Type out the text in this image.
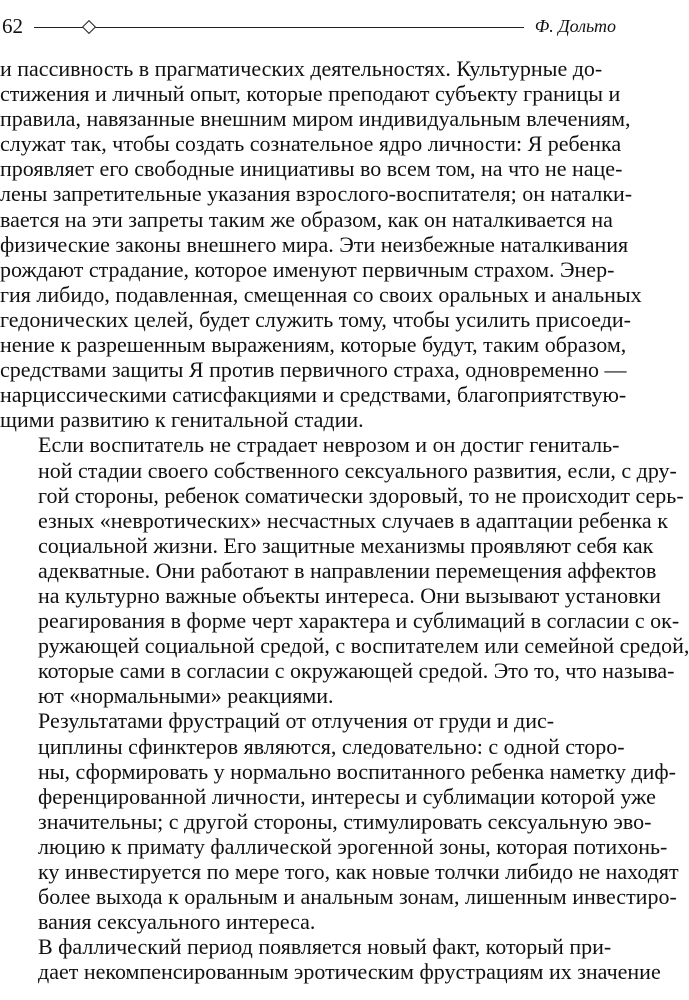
62	Ф. Дольто

и пассивность в прагматических деятельностях. Культурные до-
стижения и личный опыт, которые преподают субъекту границы и
правила, навязанные внешним миром индивидуальным влечениям,
служат так, чтобы создать сознательное ядро личности: Я ребенка
проявляет его свободные инициативы во всем том, на что не наце-
лены запретительные указания взрослого-воспитателя; он наталки-
вается на эти запреты таким же образом, как он наталкивается на
физические законы внешнего мира. Эти неизбежные наталкивания
рождают страдание, которое именуют первичным страхом. Энер-
гия либидо, подавленная, смещенная со своих оральных и анальных
гедонических целей, будет служить тому, чтобы усилить присоеди-
нение к разрешенным выражениям, которые будут, таким образом,
средствами защиты Я против первичного страха, одновременно —
нарциссическими сатисфакциями и средствами, благоприятствую-
щими развитию к генитальной стадии.

Если воспитатель не страдает неврозом и он достиг гениталь-
ной стадии своего собственного сексуального развития, если, с дру-
гой стороны, ребенок соматически здоровый, то не происходит серь-
езных «невротических» несчастных случаев в адаптации ребенка к
социальной жизни. Его защитные механизмы проявляют себя как
адекватные. Они работают в направлении перемещения аффектов
на культурно важные объекты интереса. Они вызывают установки
реагирования в форме черт характера и сублимаций в согласии с ок-
ружающей социальной средой, с воспитателем или семейной средой,
которые сами в согласии с окружающей средой. Это то, что называ-
ют «нормальными» реакциями.

Результатами фрустраций от отлучения от груди и дис-
циплины сфинктеров являются, следовательно: с одной сторо-
ны, сформировать у нормально воспитанного ребенка наметку диф-
ференцированной личности, интересы и сублимации которой уже
значительны; с другой стороны, стимулировать сексуальную эво-
люцию к примату фаллической эрогенной зоны, которая потихонь-
ку инвестируется по мере того, как новые толчки либидо не находят
более выхода к оральным и анальным зонам, лишенным инвестиро-
вания сексуального интереса.

В фаллический период появляется новый факт, который при-
дает некомпенсированным эротическим фрустрациям их значение
